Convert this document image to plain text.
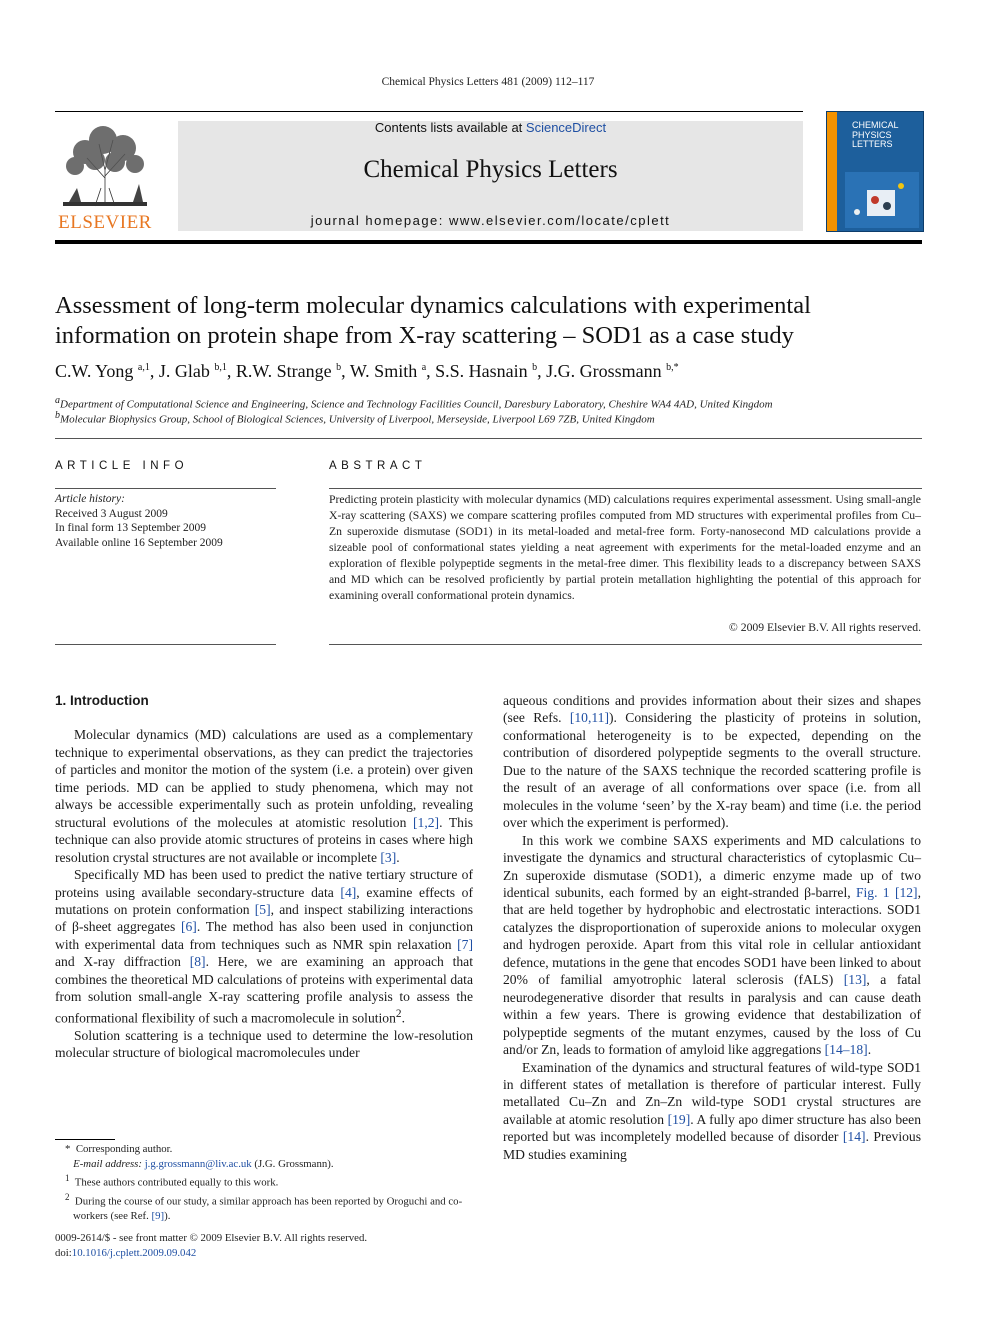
Chemical Physics Letters 481 (2009) 112–117
ELSEVIER
Contents lists available at ScienceDirect
Chemical Physics Letters
journal homepage: www.elsevier.com/locate/cplett
CHEMICAL
PHYSICS
LETTERS
Assessment of long-term molecular dynamics calculations with experimental information on protein shape from X-ray scattering – SOD1 as a case study
C.W. Yong $^{a,1}$, J. Glab $^{b,1}$, R.W. Strange $^b$, W. Smith $^a$, S.S. Hasnain $^b$, J.G. Grossmann $^{b,*}$
$^a$Department of Computational Science and Engineering, Science and Technology Facilities Council, Daresbury Laboratory, Cheshire WA4 4AD, United Kingdom
$^b$Molecular Biophysics Group, School of Biological Sciences, University of Liverpool, Merseyside, Liverpool L69 7ZB, United Kingdom
ARTICLE INFO
Article history:
Received 3 August 2009
In final form 13 September 2009
Available online 16 September 2009
ABSTRACT
Predicting protein plasticity with molecular dynamics (MD) calculations requires experimental assessment. Using small-angle X-ray scattering (SAXS) we compare scattering profiles computed from MD structures with experimental profiles from Cu–Zn superoxide dismutase (SOD1) in its metal-loaded and metal-free form. Forty-nanosecond MD calculations provide a sizeable pool of conformational states yielding a neat agreement with experiments for the metal-loaded enzyme and an exploration of flexible polypeptide segments in the metal-free dimer. This flexibility leads to a discrepancy between SAXS and MD which can be resolved proficiently by partial protein metallation highlighting the potential of this approach for examining overall conformational protein dynamics.
© 2009 Elsevier B.V. All rights reserved.
1. Introduction

Molecular dynamics (MD) calculations are used as a complementary technique to experimental observations, as they can predict the trajectories of particles and monitor the motion of the system (i.e. a protein) over given time periods. MD can be applied to study phenomena, which may not always be accessible experimentally such as protein unfolding, revealing structural evolutions of the molecules at atomistic resolution [1,2]. This technique can also provide atomic structures of proteins in cases where high resolution crystal structures are not available or incomplete [3].

Specifically MD has been used to predict the native tertiary structure of proteins using available secondary-structure data [4], examine effects of mutations on protein conformation [5], and inspect stabilizing interactions of β-sheet aggregates [6]. The method has also been used in conjunction with experimental data from techniques such as NMR spin relaxation [7] and X-ray diffraction [8]. Here, we are examining an approach that combines the theoretical MD calculations of proteins with experimental data from solution small-angle X-ray scattering profile analysis to assess the conformational flexibility of such a macromolecule in solution$^2$.

Solution scattering is a technique used to determine the low-resolution molecular structure of biological macromolecules under

aqueous conditions and provides information about their sizes and shapes (see Refs. [10,11]). Considering the plasticity of proteins in solution, conformational heterogeneity is to be expected, depending on the contribution of disordered polypeptide segments to the overall structure. Due to the nature of the SAXS technique the recorded scattering profile is the result of an average of all conformations over space (i.e. from all molecules in the volume ‘seen’ by the X-ray beam) and time (i.e. the period over which the experiment is performed).

In this work we combine SAXS experiments and MD calculations to investigate the dynamics and structural characteristics of cytoplasmic Cu–Zn superoxide dismutase (SOD1), a dimeric enzyme made up of two identical subunits, each formed by an eight-stranded β-barrel, Fig. 1 [12], that are held together by hydrophobic and electrostatic interactions. SOD1 catalyzes the disproportionation of superoxide anions to molecular oxygen and hydrogen peroxide. Apart from this vital role in cellular antioxidant defence, mutations in the gene that encodes SOD1 have been linked to about 20% of familial amyotrophic lateral sclerosis (fALS) [13], a fatal neurodegenerative disorder that results in paralysis and can cause death within a few years. There is growing evidence that destabilization of polypeptide segments of the mutant enzymes, caused by the loss of Cu and/or Zn, leads to formation of amyloid like aggregations [14–18].

Examination of the dynamics and structural features of wild-type SOD1 in different states of metallation is therefore of particular interest. Fully metallated Cu–Zn and Zn–Zn wild-type SOD1 crystal structures are available at atomic resolution [19]. A fully apo dimer structure has also been reported but was incompletely modelled because of disorder [14]. Previous MD studies examining

* Corresponding author.
E-mail address: j.g.grossmann@liv.ac.uk (J.G. Grossmann).
$^1$ These authors contributed equally to this work.
$^2$ During the course of our study, a similar approach has been reported by Oroguchi and co-workers (see Ref. [9]).
0009-2614/$ - see front matter © 2009 Elsevier B.V. All rights reserved.
doi:10.1016/j.cplett.2009.09.042
